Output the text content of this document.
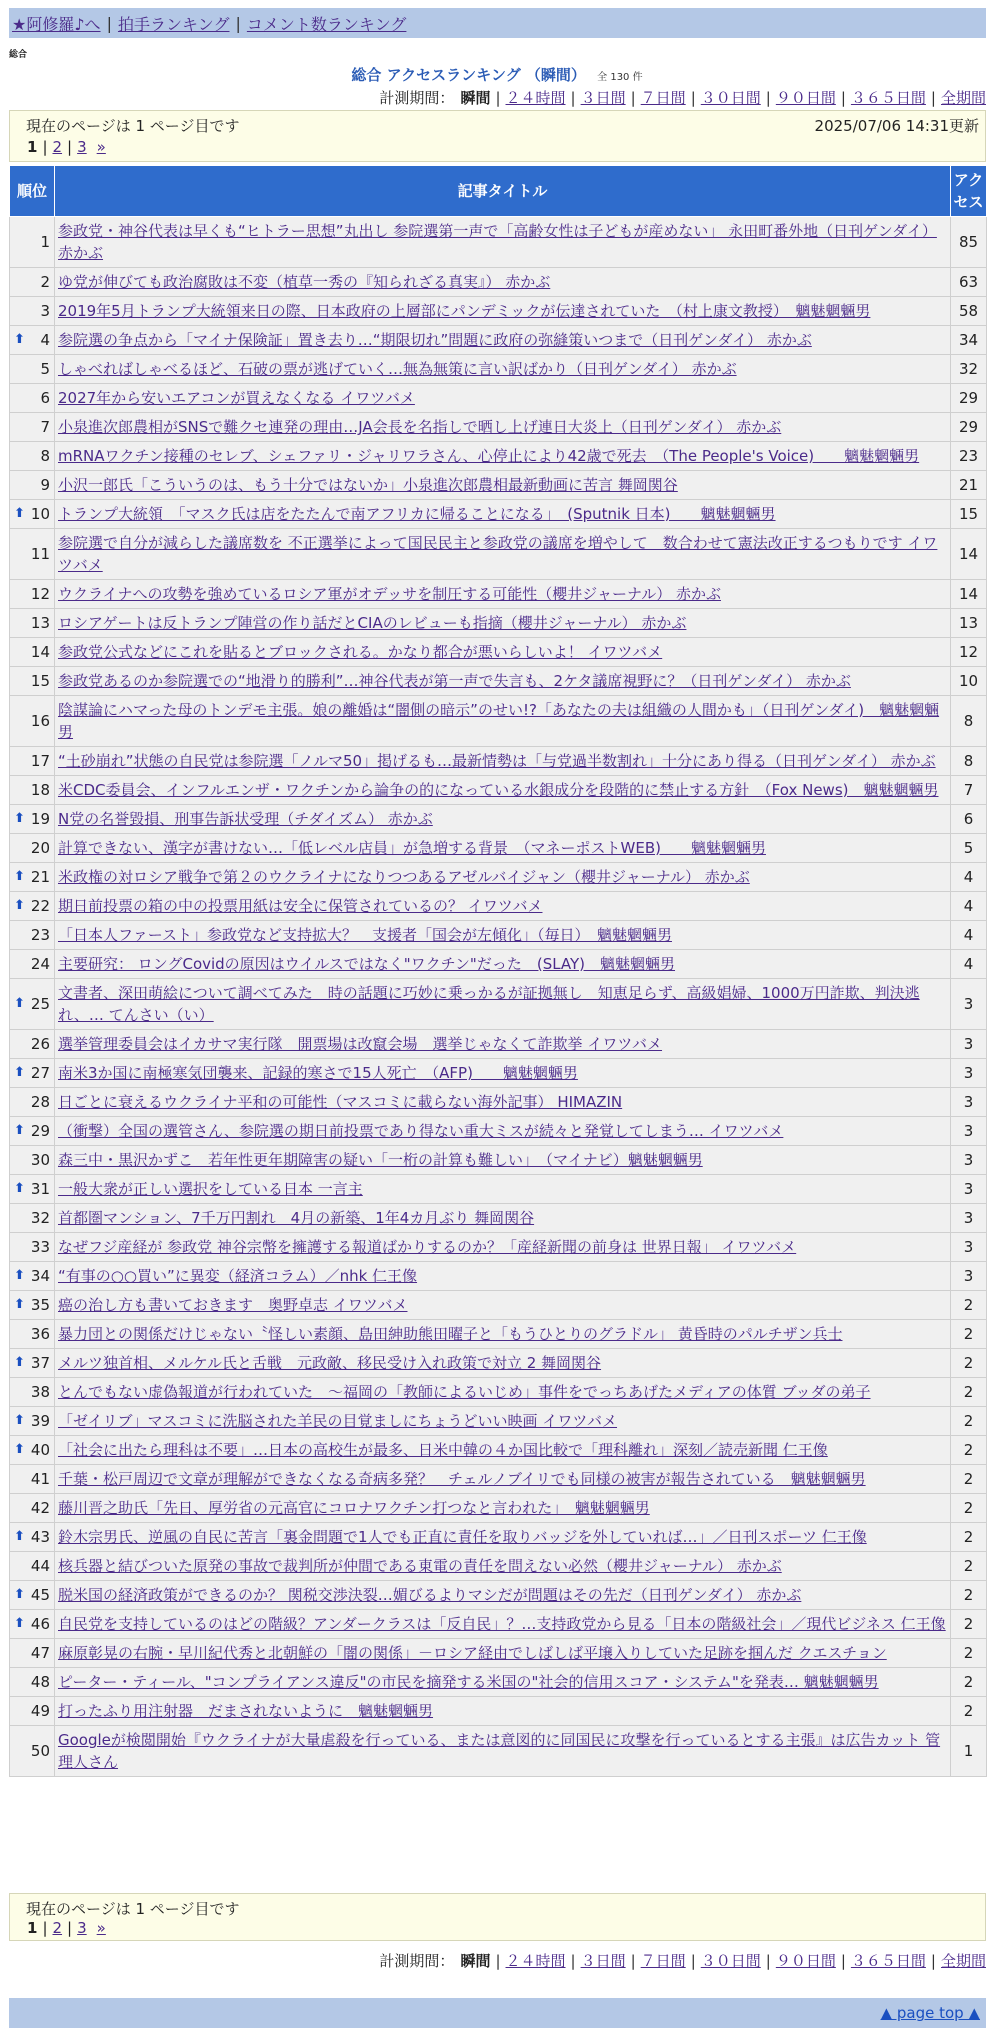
★阿修羅♪へ | 拍手ランキング | コメント数ランキング
総合
総合 アクセスランキング （瞬間） 全 130 件
計測期間： 瞬間 | ２４時間 | ３日間 | ７日間 | ３０日間 | ９０日間 | ３６５日間 | 全期間
現在のページは 1 ページ目です	2025/07/06 14:31更新
1 | 2 | 3 »
順位	記事タイトル	アクセス
1	参政党・神谷代表は早くも“ヒトラー思想”丸出し 参院選第一声で「高齢女性は子どもが産めない」 永田町番外地（日刊ゲンダイ） 赤かぶ	85
2	ゆ党が伸びても政治腐敗は不変（植草一秀の『知られざる真実』） 赤かぶ	63
3	2019年5月トランプ大統領来日の際、日本政府の上層部にパンデミックが伝達されていた　（村上康文教授）　魑魅魍魎男	58

⬆ 4	参院選の争点から「マイナ保険証」置き去り…“期限切れ”問題に政府の弥縫策いつまで（日刊ゲンダイ） 赤かぶ	34
5	しゃべればしゃべるほど、石破の票が逃げていく…無為無策に言い訳ばかり（日刊ゲンダイ） 赤かぶ	32
6	2027年から安いエアコンが買えなくなる イワツバメ	29
7	小泉進次郎農相がSNSで難クセ連発の理由…JA会長を名指しで晒し上げ連日大炎上（日刊ゲンダイ） 赤かぶ	29
8	mRNAワクチン接種のセレブ、シェファリ・ジャリワラさん、心停止により42歳で死去　（The People's Voice)　　魑魅魍魎男	23
9	小沢一郎氏「こういうのは、もう十分ではないか」小泉進次郎農相最新動画に苦言 舞岡関谷	21

⬆ 10	トランプ大統領　「マスク氏は店をたたんで南アフリカに帰ることになる」　(Sputnik 日本)　　魑魅魍魎男	15
11	参院選で自分が減らした議席数を 不正選挙によって国民民主と参政党の議席を増やして　数合わせて憲法改正するつもりです イワツバメ	14
12	ウクライナへの攻勢を強めているロシア軍がオデッサを制圧する可能性（櫻井ジャーナル） 赤かぶ	14
13	ロシアゲートは反トランプ陣営の作り話だとCIAのレビューも指摘（櫻井ジャーナル） 赤かぶ	13
14	参政党公式などにこれを貼るとブロックされる。かなり都合が悪いらしいよ！ イワツバメ	12
15	参政党あるのか参院選での“地滑り的勝利”…神谷代表が第一声で失言も、2ケタ議席視野に？（日刊ゲンダイ） 赤かぶ	10
16	陰謀論にハマった母のトンデモ主張。娘の離婚は“闇側の暗示”のせい!?「あなたの夫は組織の人間かも」（日刊ゲンダイ)　魑魅魍魎男	8
17	“土砂崩れ”状態の自民党は参院選「ノルマ50」掲げるも…最新情勢は「与党過半数割れ」十分にあり得る（日刊ゲンダイ） 赤かぶ	8
18	米CDC委員会、インフルエンザ・ワクチンから論争の的になっている水銀成分を段階的に禁止する方針　（Fox News)　魑魅魍魎男	7

⬆ 19	N党の名誉毀損、刑事告訴状受理（チダイズム） 赤かぶ	6
20	計算できない、漢字が書けない…「低レベル店員」が急増する背景　（マネーポストWEB)　　魑魅魍魎男	5

⬆ 21	米政権の対ロシア戦争で第２のウクライナになりつつあるアゼルバイジャン（櫻井ジャーナル） 赤かぶ	4

⬆ 22	期日前投票の箱の中の投票用紙は安全に保管されているの？ イワツバメ	4
23	「日本人ファースト」参政党など支持拡大？　支援者「国会が左傾化」（毎日）　魑魅魍魎男	4
24	主要研究： ロングCovidの原因はウイルスではなく"ワクチン"だった　(SLAY)　魑魅魍魎男	4

⬆ 25	文書者、深田萌絵について調べてみた　時の話題に巧妙に乗っかるが証拠無し　知恵足らず、高級娼婦、1000万円詐欺、判決逃れ、… てんさい（い）	3
26	選挙管理委員会はイカサマ実行隊　開票場は改竄会場　選挙じゃなくて詐欺挙 イワツバメ	3

⬆ 27	南米3か国に南極寒気団襲来、記録的寒さで15人死亡　（AFP)　　魑魅魍魎男	3
28	日ごとに衰えるウクライナ平和の可能性（マスコミに載らない海外記事） HIMAZIN	3

⬆ 29	（衝撃）全国の選管さん、参院選の期日前投票であり得ない重大ミスが続々と発覚してしまう… イワツバメ	3
30	森三中・黒沢かずこ　若年性更年期障害の疑い「一桁の計算も難しい」　（マイナビ）魑魅魍魎男	3

⬆ 31	一般大衆が正しい選択をしている日本 一言主	3
32	首都圏マンション、7千万円割れ　4月の新築、1年4カ月ぶり 舞岡関谷	3
33	なぜフジ産経が 参政党 神谷宗幣を擁護する報道ばかりするのか？「産経新聞の前身は 世界日報」 イワツバメ	3

⬆ 34	“有事の○○買い”に異変（経済コラム）／nhk 仁王像	3

⬆ 35	癌の治し方も書いておきます　奥野卓志 イワツバメ	2
36	暴力団との関係だけじゃない〝怪しい素顔、島田紳助熊田曜子と「もうひとりのグラドル」 黄昏時のパルチザン兵士	2

⬆ 37	メルツ独首相、メルケル氏と舌戦　元政敵、移民受け入れ政策で対立 2 舞岡関谷	2
38	とんでもない虚偽報道が行われていた　～福岡の「教師によるいじめ」事件をでっちあげたメディアの体質 ブッダの弟子	2

⬆ 39	「ゼイリブ」マスコミに洗脳された羊民の目覚ましにちょうどいい映画 イワツバメ	2

⬆ 40	「社会に出たら理科は不要」…日本の高校生が最多、日米中韓の４か国比較で「理科離れ」深刻／読売新聞 仁王像	2
41	千葉・松戸周辺で文章が理解ができなくなる奇病多発？　チェルノブイリでも同様の被害が報告されている　魑魅魍魎男	2
42	藤川晋之助氏「先日、厚労省の元高官にコロナワクチン打つなと言われた」　魑魅魍魎男	2

⬆ 43	鈴木宗男氏、逆風の自民に苦言「裏金問題で1人でも正直に責任を取りバッジを外していれば…」／日刊スポーツ 仁王像	2
44	核兵器と結びついた原発の事故で裁判所が仲間である東電の責任を問えない必然（櫻井ジャーナル） 赤かぶ	2

⬆ 45	脱米国の経済政策ができるのか？ 関税交渉決裂…媚びるよりマシだが問題はその先だ（日刊ゲンダイ） 赤かぶ	2

⬆ 46	自民党を支持しているのはどの階級？アンダークラスは「反自民」？…支持政党から見る「日本の階級社会」／現代ビジネス 仁王像	2
47	麻原彰晃の右腕・早川紀代秀と北朝鮮の「闇の関係」－ロシア経由でしばしば平壌入りしていた足跡を掴んだ クエスチョン	2
48	ピーター・ティール、"コンプライアンス違反"の市民を摘発する米国の"社会的信用スコア・システム"を発表… 魑魅魍魎男	2
49	打ったふり用注射器　だまされないように　魑魅魍魎男	2
50	Googleが検閲開始『ウクライナが大量虐殺を行っている、または意図的に同国民に攻撃を行っているとする主張』は広告カット 管理人さん	1
現在のページは 1 ページ目です
1 | 2 | 3 »
計測期間： 瞬間 | ２４時間 | ３日間 | ７日間 | ３０日間 | ９０日間 | ３６５日間 | 全期間
▲ page top ▲
